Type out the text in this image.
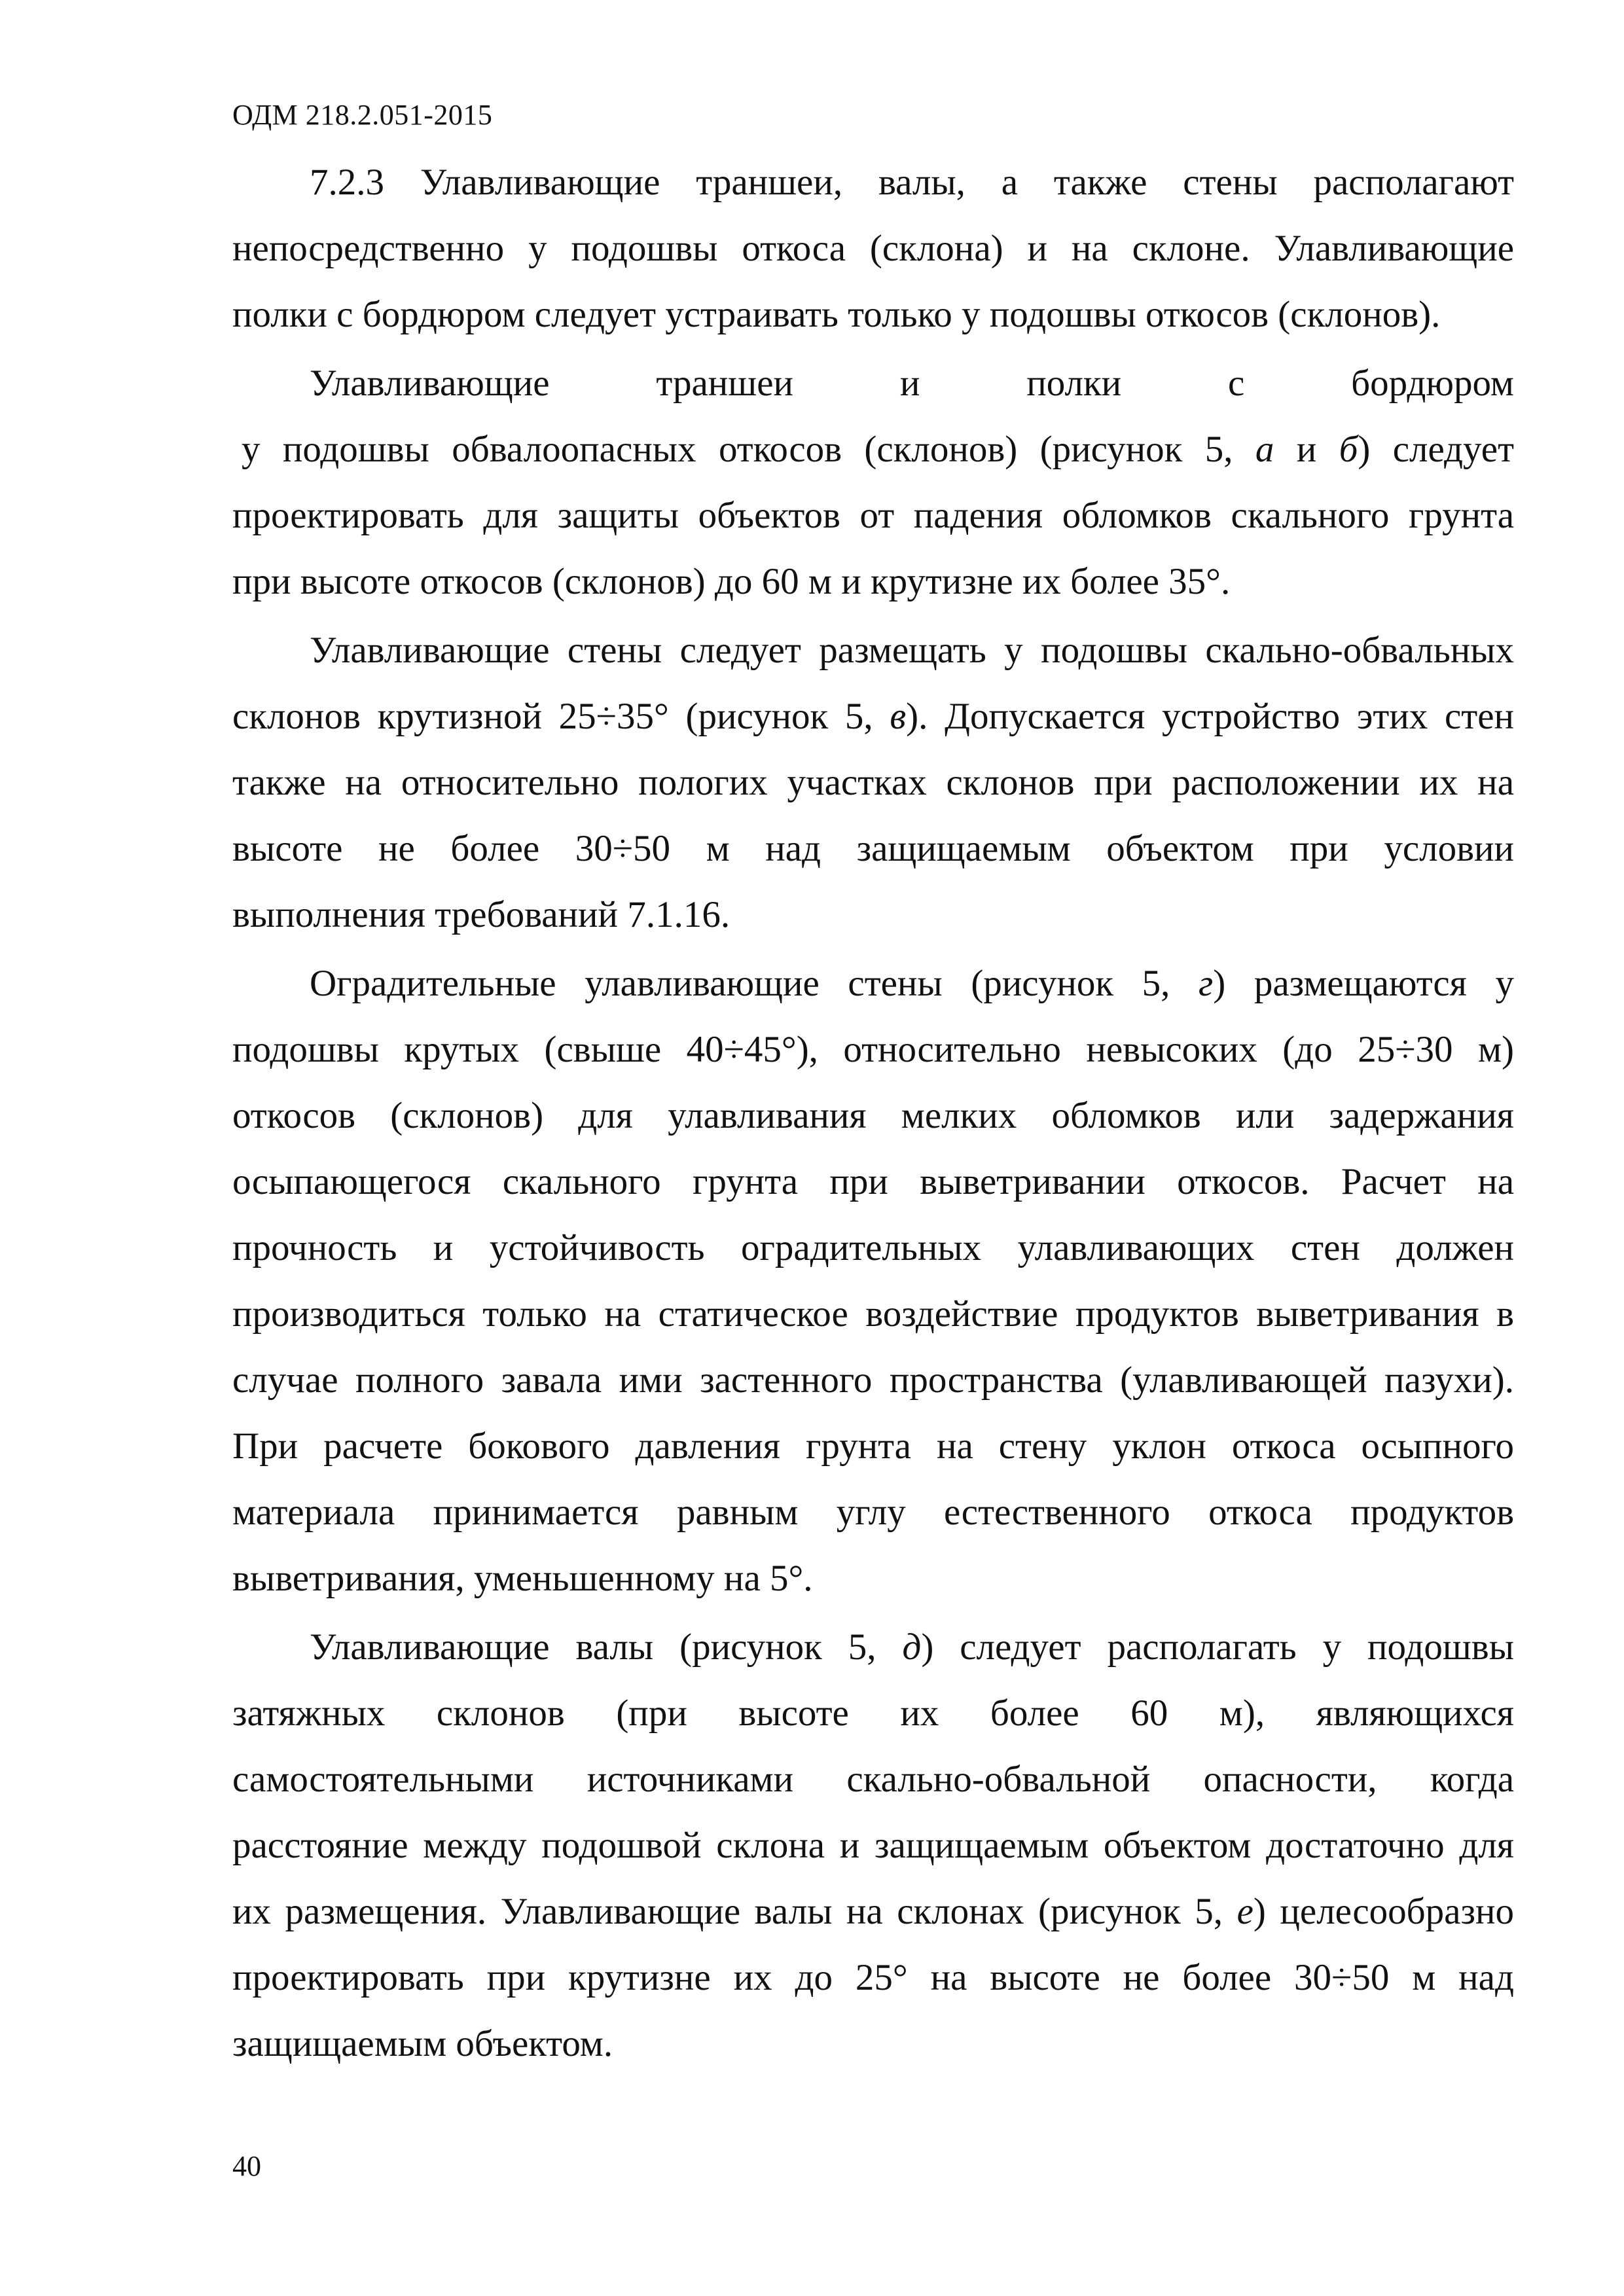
ОДМ 218.2.051-2015
7.2.3 Улавливающие траншеи, валы, а также стены располагают
непосредственно у подошвы откоса (склона) и на склоне. Улавливающие
полки с бордюром следует устраивать только у подошвы откосов (склонов).
Улавливающие траншеи и полки с бордюром
у подошвы обвалоопасных откосов (склонов) (рисунок 5, а и б) следует
проектировать для защиты объектов от падения обломков скального грунта
при высоте откосов (склонов) до 60 м и крутизне их более 35°.
Улавливающие стены следует размещать у подошвы скально-обвальных
склонов крутизной 25÷35° (рисунок 5, в). Допускается устройство этих стен
также на относительно пологих участках склонов при расположении их на
высоте не более 30÷50 м над защищаемым объектом при условии
выполнения требований 7.1.16.
Оградительные улавливающие стены (рисунок 5, г) размещаются у
подошвы крутых (свыше 40÷45°), относительно невысоких (до 25÷30 м)
откосов (склонов) для улавливания мелких обломков или задержания
осыпающегося скального грунта при выветривании откосов. Расчет на
прочность и устойчивость оградительных улавливающих стен должен
производиться только на статическое воздействие продуктов выветривания в
случае полного завала ими застенного пространства (улавливающей пазухи).
При расчете бокового давления грунта на стену уклон откоса осыпного
материала принимается равным углу естественного откоса продуктов
выветривания, уменьшенному на 5°.
Улавливающие валы (рисунок 5, д) следует располагать у подошвы
затяжных склонов (при высоте их более 60 м), являющихся
самостоятельными источниками скально-обвальной опасности, когда
расстояние между подошвой склона и защищаемым объектом достаточно для
их размещения. Улавливающие валы на склонах (рисунок 5, е) целесообразно
проектировать при крутизне их до 25° на высоте не более 30÷50 м над
защищаемым объектом.
40
